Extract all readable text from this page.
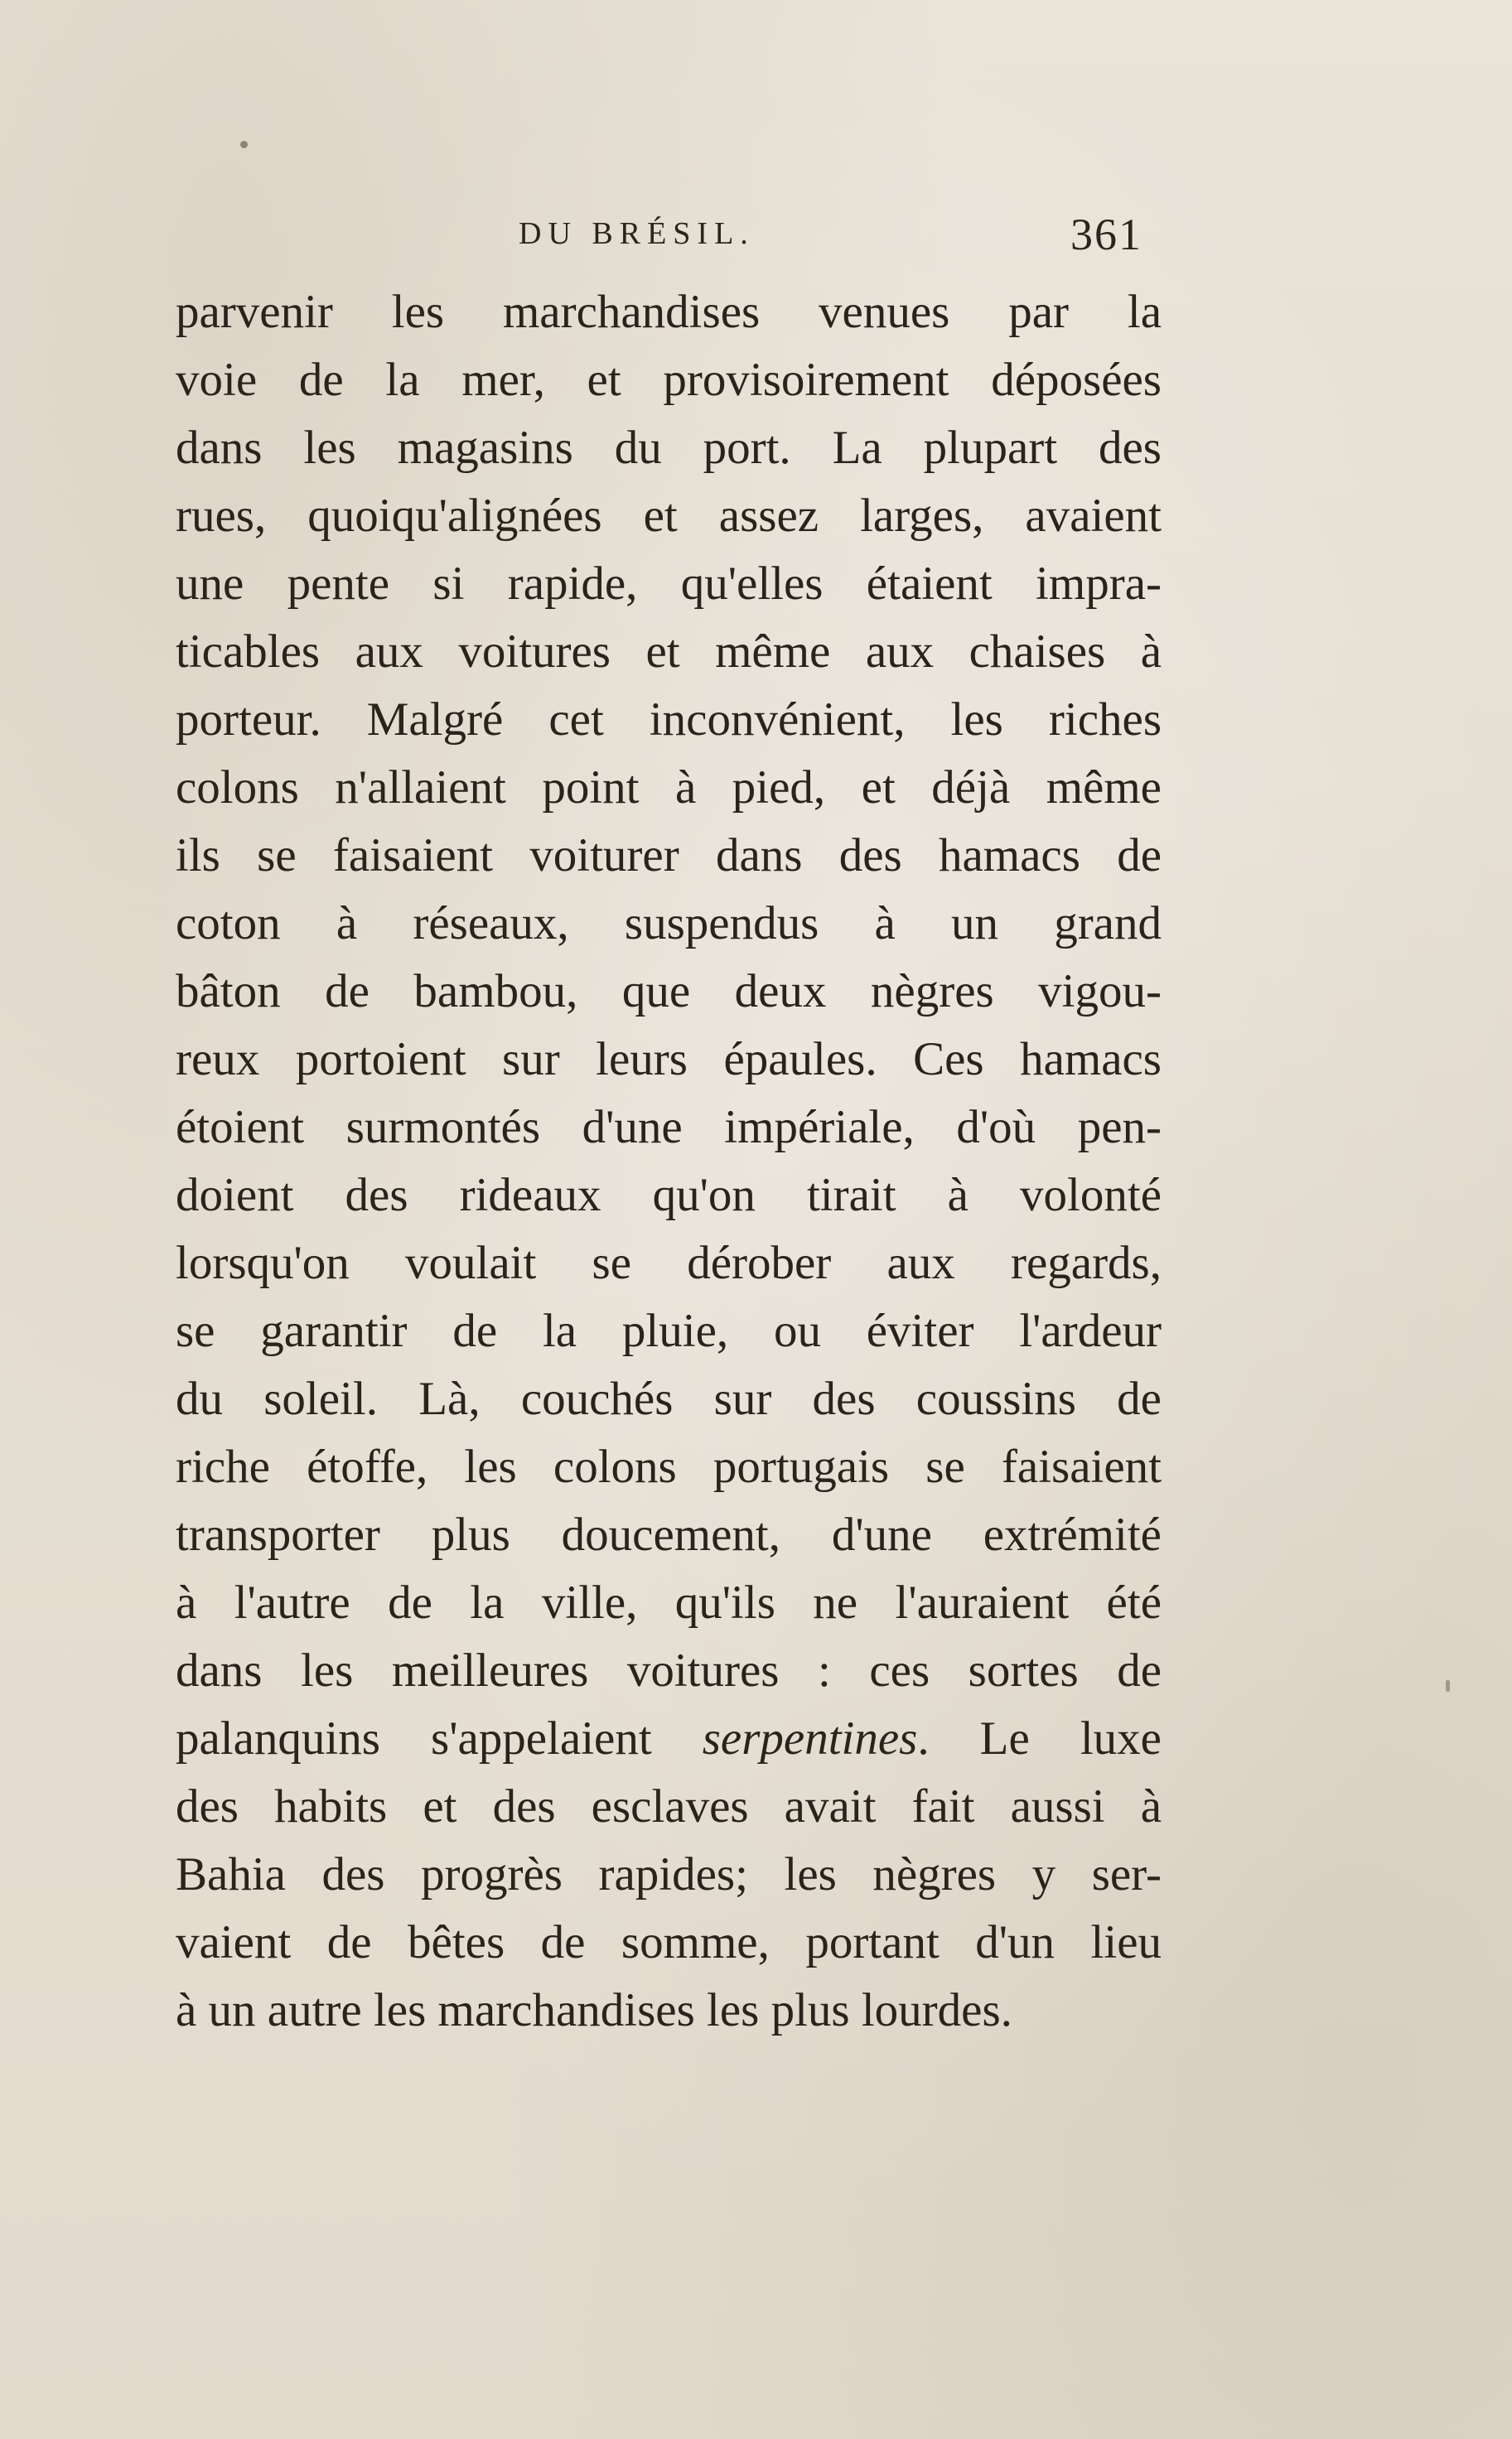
DU BRÉSIL.	361
parvenir les marchandises venues par la
voie de la mer, et provisoirement déposées
dans les magasins du port. La plupart des
rues, quoiqu'alignées et assez larges, avaient
une pente si rapide, qu'elles étaient impra-
ticables aux voitures et même aux chaises à
porteur. Malgré cet inconvénient, les riches
colons n'allaient point à pied, et déjà même
ils se faisaient voiturer dans des hamacs de
coton à réseaux, suspendus à un grand
bâton de bambou, que deux nègres vigou-
reux portoient sur leurs épaules. Ces hamacs
étoient surmontés d'une impériale, d'où pen-
doient des rideaux qu'on tirait à volonté
lorsqu'on voulait se dérober aux regards,
se garantir de la pluie, ou éviter l'ardeur
du soleil. Là, couchés sur des coussins de
riche étoffe, les colons portugais se faisaient
transporter plus doucement, d'une extrémité
à l'autre de la ville, qu'ils ne l'auraient été
dans les meilleures voitures : ces sortes de
palanquins s'appelaient serpentines. Le luxe
des habits et des esclaves avait fait aussi à
Bahia des progrès rapides; les nègres y ser-
vaient de bêtes de somme, portant d'un lieu
à un autre les marchandises les plus lourdes.
